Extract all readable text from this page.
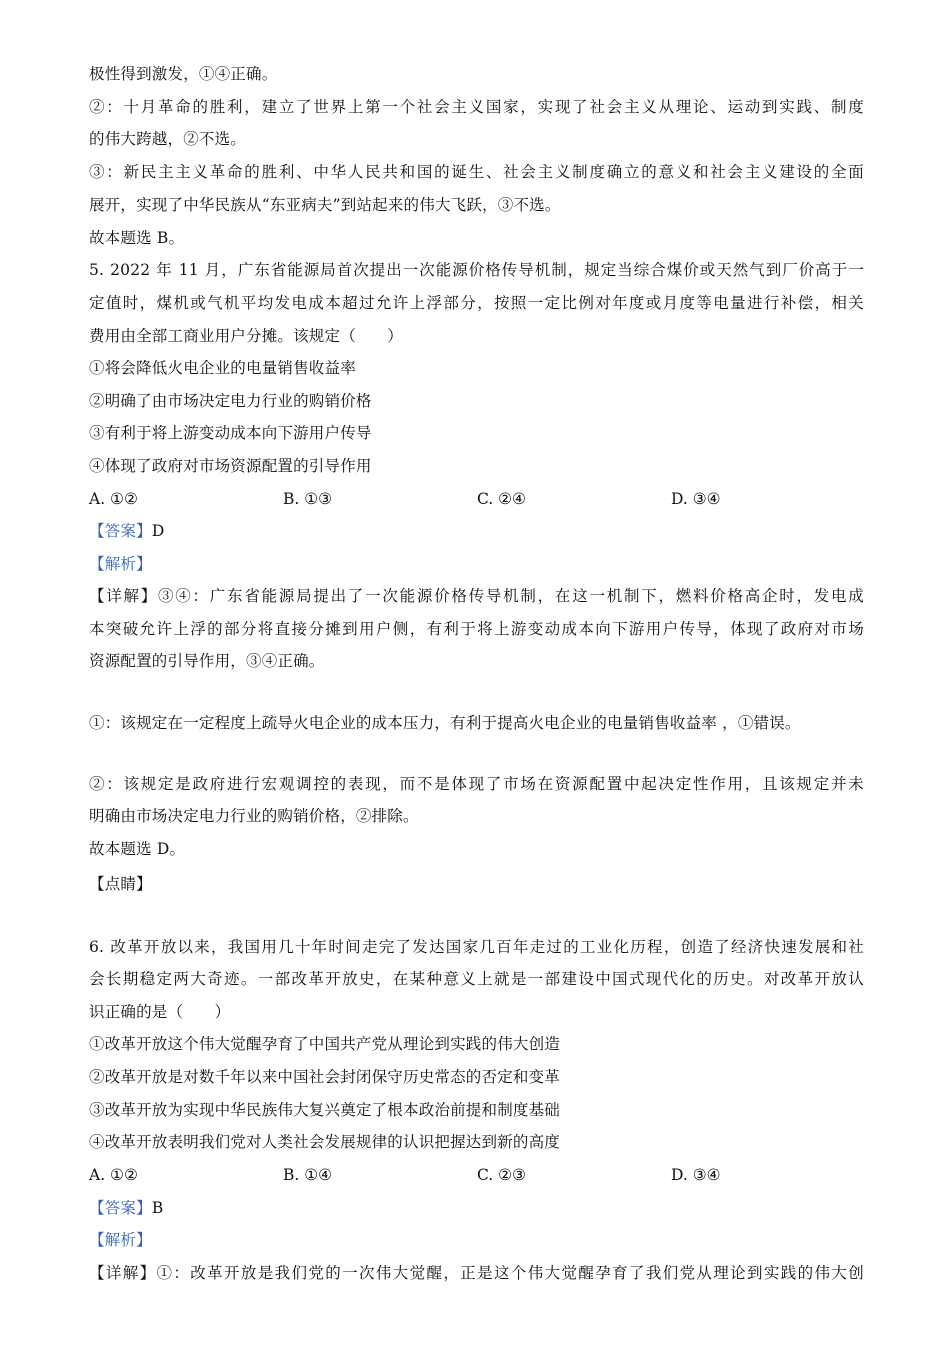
极性得到激发，①④正确。
②：十月革命的胜利，建立了世界上第一个社会主义国家，实现了社会主义从理论、运动到实践、制度
的伟大跨越，②不选。
③：新民主主义革命的胜利、中华人民共和国的诞生、社会主义制度确立的意义和社会主义建设的全面
展开，实现了中华民族从“东亚病夫”到站起来的伟大飞跃，③不选。
故本题选 B。
5. 2022 年 11 月，广东省能源局首次提出一次能源价格传导机制，规定当综合煤价或天然气到厂价高于一
定值时，煤机或气机平均发电成本超过允许上浮部分，按照一定比例对年度或月度等电量进行补偿，相关
费用由全部工商业用户分摊。该规定（　　）
①将会降低火电企业的电量销售收益率
②明确了由市场决定电力行业的购销价格
③有利于将上游变动成本向下游用户传导
④体现了政府对市场资源配置的引导作用
A. ①②	B. ①③	C. ②④	D. ③④
【答案】D
【解析】
【详解】③④：广东省能源局提出了一次能源价格传导机制，在这一机制下，燃料价格高企时，发电成
本突破允许上浮的部分将直接分摊到用户侧，有利于将上游变动成本向下游用户传导，体现了政府对市场
资源配置的引导作用，③④正确。
①：该规定在一定程度上疏导火电企业的成本压力，有利于提高火电企业的电量销售收益率 ，①错误。
②：该规定是政府进行宏观调控的表现，而不是体现了市场在资源配置中起决定性作用，且该规定并未
明确由市场决定电力行业的购销价格，②排除。
故本题选 D。
【点睛】
6. 改革开放以来，我国用几十年时间走完了发达国家几百年走过的工业化历程，创造了经济快速发展和社
会长期稳定两大奇迹。一部改革开放史，在某种意义上就是一部建设中国式现代化的历史。对改革开放认
识正确的是（　　）
①改革开放这个伟大觉醒孕育了中国共产党从理论到实践的伟大创造
②改革开放是对数千年以来中国社会封闭保守历史常态的否定和变革
③改革开放为实现中华民族伟大复兴奠定了根本政治前提和制度基础
④改革开放表明我们党对人类社会发展规律的认识把握达到新的高度
A. ①②	B. ①④	C. ②③	D. ③④
【答案】B
【解析】
【详解】①：改革开放是我们党的一次伟大觉醒，正是这个伟大觉醒孕育了我们党从理论到实践的伟大创
